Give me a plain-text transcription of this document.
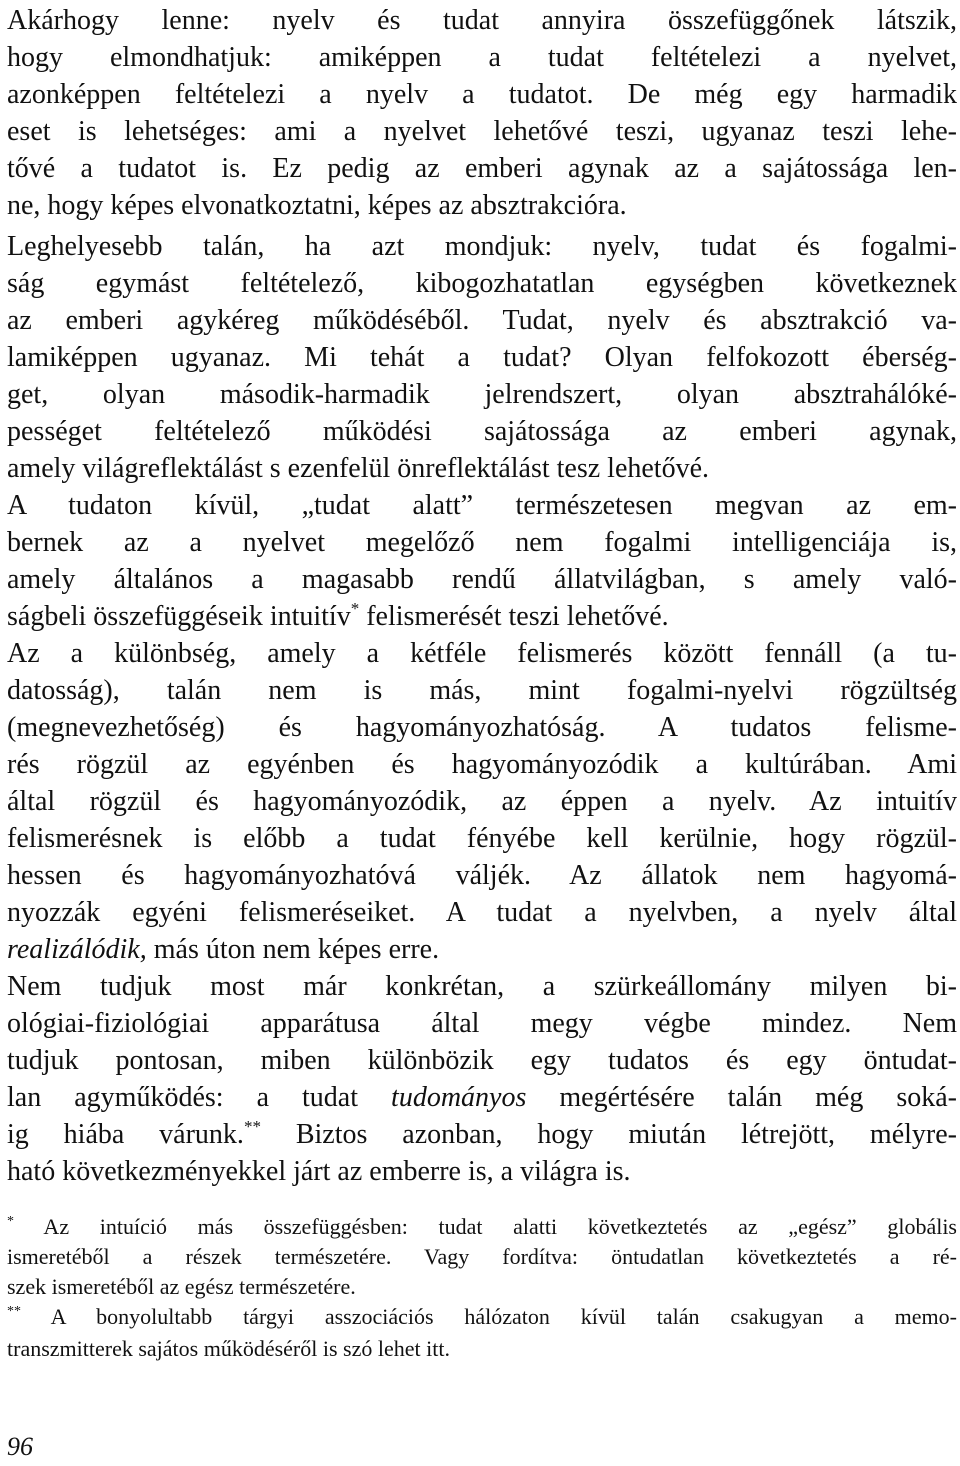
Akárhogy lenne: nyelv és tudat annyira összefüggőnek látszik,
hogy elmondhatjuk: amiképpen a tudat feltételezi a nyelvet,
azonképpen feltételezi a nyelv a tudatot. De még egy harmadik
eset is lehetséges: ami a nyelvet lehetővé teszi, ugyanaz teszi lehe-
tővé a tudatot is. Ez pedig az emberi agynak az a sajátossága len-
ne, hogy képes elvonatkoztatni, képes az absztrakcióra.
Leghelyesebb talán, ha azt mondjuk: nyelv, tudat és fogalmi-
ság egymást feltételező, kibogozhatatlan egységben következnek
az emberi agykéreg működéséből. Tudat, nyelv és absztrakció va-
lamiképpen ugyanaz. Mi tehát a tudat? Olyan felfokozott éberség-
get, olyan második-harmadik jelrendszert, olyan absztrahálóké-
pességet feltételező működési sajátossága az emberi agynak,
amely világreflektálást s ezenfelül önreflektálást tesz lehetővé.
A tudaton kívül, „tudat alatt” természetesen megvan az em-
bernek az a nyelvet megelőző nem fogalmi intelligenciája is,
amely általános a magasabb rendű állatvilágban, s amely való-
ságbeli összefüggéseik intuitív* felismerését teszi lehetővé.
Az a különbség, amely a kétféle felismerés között fennáll (a tu-
datosság), talán nem is más, mint fogalmi-nyelvi rögzültség
(megnevezhetőség) és hagyományozhatóság. A tudatos felisme-
rés rögzül az egyénben és hagyományozódik a kultúrában. Ami
által rögzül és hagyományozódik, az éppen a nyelv. Az intuitív
felismerésnek is előbb a tudat fényébe kell kerülnie, hogy rögzül-
hessen és hagyományozhatóvá váljék. Az állatok nem hagyomá-
nyozzák egyéni felismeréseiket. A tudat a nyelvben, a nyelv által
realizálódik, más úton nem képes erre.
Nem tudjuk most már konkrétan, a szürkeállomány milyen bi-
ológiai-fiziológiai apparátusa által megy végbe mindez. Nem
tudjuk pontosan, miben különbözik egy tudatos és egy öntudat-
lan agyműködés: a tudat tudományos megértésére talán még soká-
ig hiába várunk.** Biztos azonban, hogy miután létrejött, mélyre-
ható következményekkel járt az emberre is, a világra is.
* Az intuíció más összefüggésben: tudat alatti következtetés az „egész” globális
ismeretéből a részek természetére. Vagy fordítva: öntudatlan következtetés a ré-
szek ismeretéből az egész természetére.
** A bonyolultabb tárgyi asszociációs hálózaton kívül talán csakugyan a memo-
transzmitterek sajátos működéséről is szó lehet itt.
96
